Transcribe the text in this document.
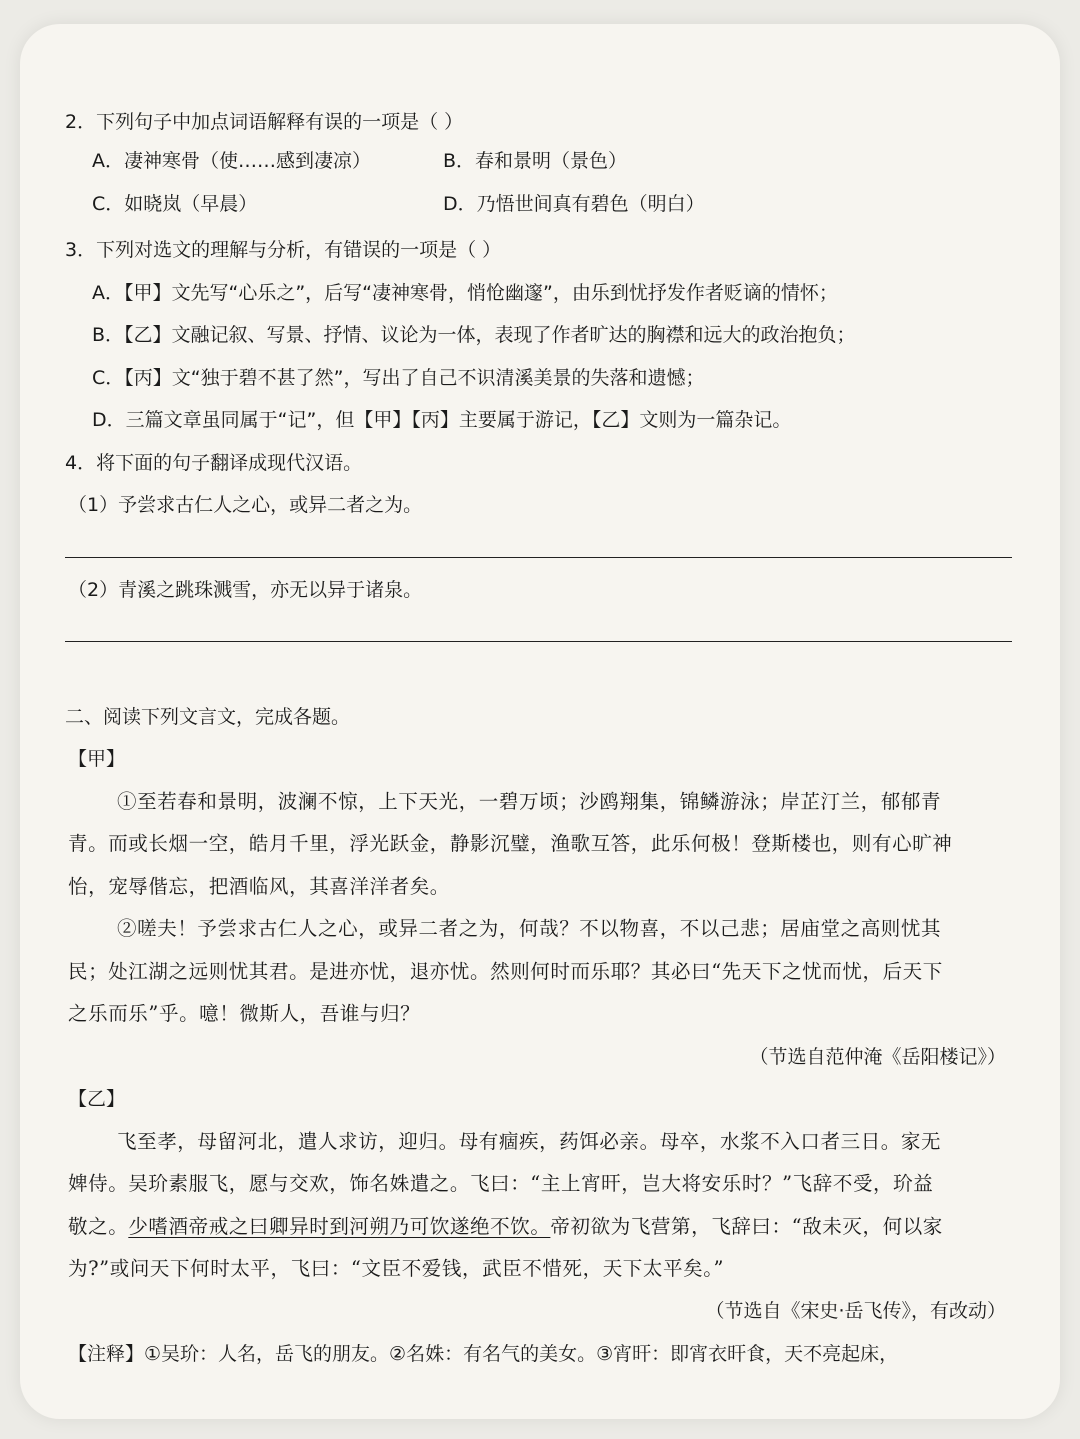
2．下列句子中加点词语解释有误的一项是（ ）
A．凄神寒骨（使……感到凄凉）	B．春和景明（景色）
C．如晓岚（早晨）	D．乃悟世间真有碧色（明白）
3．下列对选文的理解与分析，有错误的一项是（ ）
A．【甲】文先写“心乐之”，后写“凄神寒骨，悄怆幽邃”，由乐到忧抒发作者贬谪的情怀；
B．【乙】文融记叙、写景、抒情、议论为一体，表现了作者旷达的胸襟和远大的政治抱负；
C．【丙】文“独于碧不甚了然”，写出了自己不识清溪美景的失落和遗憾；
D．三篇文章虽同属于“记”，但【甲】【丙】主要属于游记，【乙】文则为一篇杂记。
4．将下面的句子翻译成现代汉语。
（1）予尝求古仁人之心，或异二者之为。
（2）青溪之跳珠溅雪，亦无以异于诸泉。
二、阅读下列文言文，完成各题。
【甲】
①至若春和景明，波澜不惊，上下天光，一碧万顷；沙鸥翔集，锦鳞游泳；岸芷汀兰，郁郁青
青。而或长烟一空，皓月千里，浮光跃金，静影沉璧，渔歌互答，此乐何极！登斯楼也，则有心旷神
怡，宠辱偕忘，把酒临风，其喜洋洋者矣。
②嗟夫！予尝求古仁人之心，或异二者之为，何哉？不以物喜，不以己悲；居庙堂之高则忧其
民；处江湖之远则忧其君。是进亦忧，退亦忧。然则何时而乐耶？其必曰“先天下之忧而忧，后天下
之乐而乐”乎。噫！微斯人，吾谁与归？
（节选自范仲淹《岳阳楼记》）
【乙】
飞至孝，母留河北，遣人求访，迎归。母有痼疾，药饵必亲。母卒，水浆不入口者三日。家无
婢侍。吴玠素服飞，愿与交欢，饰名姝遣之。飞曰：“主上宵旰，岂大将安乐时？”飞辞不受，玠益
敬之。少嗜酒帝戒之曰卿异时到河朔乃可饮遂绝不饮。帝初欲为飞营第，飞辞曰：“敌未灭，何以家
为?”或问天下何时太平，飞曰：“文臣不爱钱，武臣不惜死，天下太平矣。”
（节选自《宋史·岳飞传》，有改动）
【注释】①吴玠：人名，岳飞的朋友。②名姝：有名气的美女。③宵旰：即宵衣旰食，天不亮起床，
